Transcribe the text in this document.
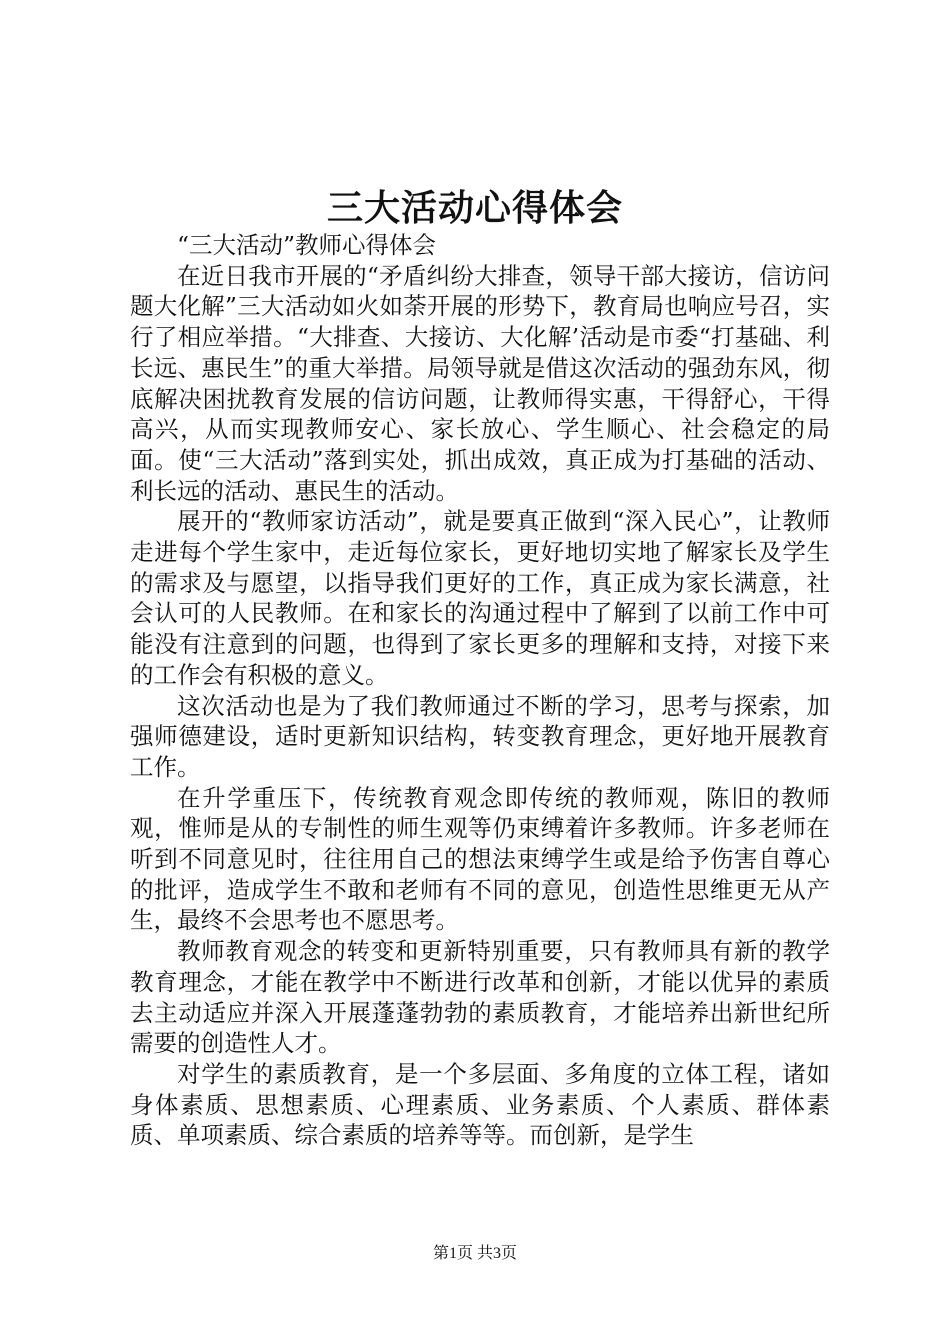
三大活动心得体会

“三大活动”教师心得体会

在近日我市开展的“矛盾纠纷大排查，领导干部大接访，信访问题大化解”三大活动如火如荼开展的形势下，教育局也响应号召，实行了相应举措。“大排查、大接访、大化解’活动是市委“打基础、利长远、惠民生”的重大举措。局领导就是借这次活动的强劲东风，彻底解决困扰教育发展的信访问题，让教师得实惠，干得舒心，干得高兴，从而实现教师安心、家长放心、学生顺心、社会稳定的局面。使“三大活动”落到实处，抓出成效，真正成为打基础的活动、利长远的活动、惠民生的活动。

展开的“教师家访活动”，就是要真正做到“深入民心”，让教师走进每个学生家中，走近每位家长，更好地切实地了解家长及学生的需求及与愿望，以指导我们更好的工作，真正成为家长满意，社会认可的人民教师。在和家长的沟通过程中了解到了以前工作中可能没有注意到的问题，也得到了家长更多的理解和支持，对接下来的工作会有积极的意义。

这次活动也是为了我们教师通过不断的学习，思考与探索，加强师德建设，适时更新知识结构，转变教育理念，更好地开展教育工作。

在升学重压下，传统教育观念即传统的教师观，陈旧的教师观，惟师是从的专制性的师生观等仍束缚着许多教师。许多老师在听到不同意见时，往往用自己的想法束缚学生或是给予伤害自尊心的批评，造成学生不敢和老师有不同的意见，创造性思维更无从产生，最终不会思考也不愿思考。

教师教育观念的转变和更新特别重要，只有教师具有新的教学教育理念，才能在教学中不断进行改革和创新，才能以优异的素质去主动适应并深入开展蓬蓬勃勃的素质教育，才能培养出新世纪所需要的创造性人才。

对学生的素质教育，是一个多层面、多角度的立体工程，诸如身体素质、思想素质、心理素质、业务素质、个人素质、群体素质、单项素质、综合素质的培养等等。而创新，是学生

第1页 共3页
